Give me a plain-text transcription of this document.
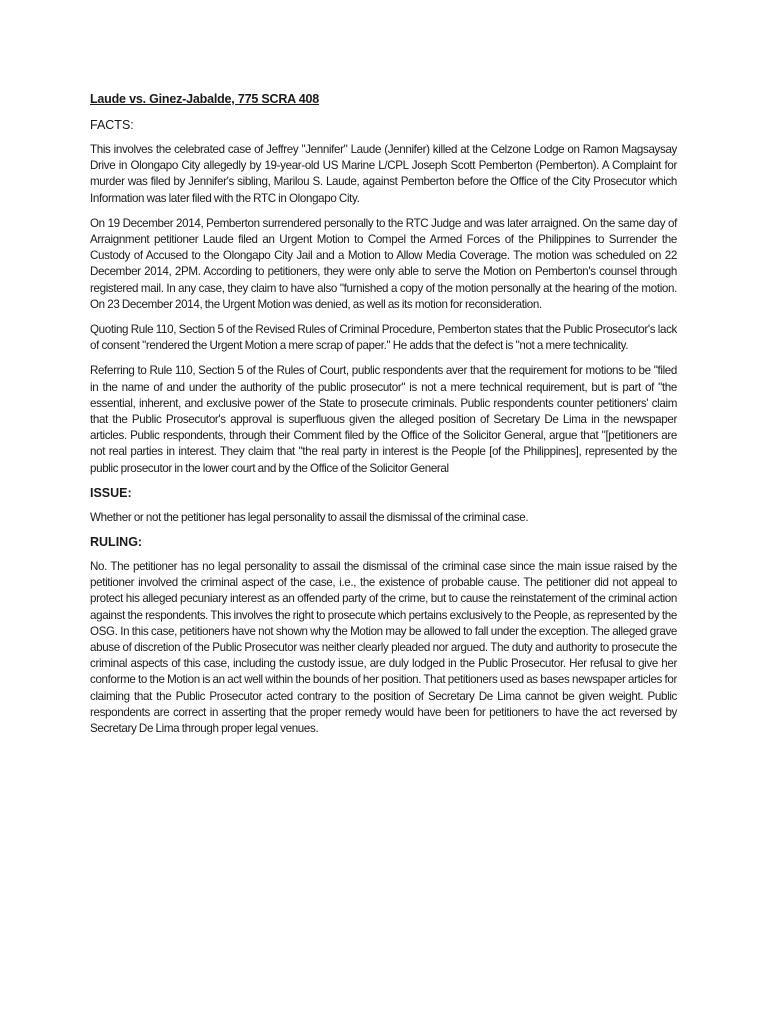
Laude vs. Ginez-Jabalde, 775 SCRA 408
FACTS:

This involves the celebrated case of Jeffrey "Jennifer" Laude (Jennifer) killed at the Celzone Lodge on Ramon Magsaysay Drive in Olongapo City allegedly by 19-year-old US Marine L/CPL Joseph Scott Pemberton (Pemberton). A Complaint for murder was filed by Jennifer's sibling, Marilou S. Laude, against Pemberton before the Office of the City Prosecutor which Information was later filed with the RTC in Olongapo City.

On 19 December 2014, Pemberton surrendered personally to the RTC Judge and was later arraigned. On the same day of Arraignment petitioner Laude filed an Urgent Motion to Compel the Armed Forces of the Philippines to Surrender the Custody of Accused to the Olongapo City Jail and a Motion to Allow Media Coverage. The motion was scheduled on 22 December 2014, 2PM. According to petitioners, they were only able to serve the Motion on Pemberton's counsel through registered mail. In any case, they claim to have also "furnished a copy of the motion personally at the hearing of the motion. On 23 December 2014, the Urgent Motion was denied, as well as its motion for reconsideration.

Quoting Rule 110, Section 5 of the Revised Rules of Criminal Procedure, Pemberton states that the Public Prosecutor's lack of consent "rendered the Urgent Motion a mere scrap of paper." He adds that the defect is "not a mere technicality.

Referring to Rule 110, Section 5 of the Rules of Court, public respondents aver that the requirement for motions to be "filed in the name of and under the authority of the public prosecutor" is not a mere technical requirement, but is part of "the essential, inherent, and exclusive power of the State to prosecute criminals. Public respondents counter petitioners' claim that the Public Prosecutor's approval is superfluous given the alleged position of Secretary De Lima in the newspaper articles. Public respondents, through their Comment filed by the Office of the Solicitor General, argue that "[petitioners are not real parties in interest. They claim that "the real party in interest is the People [of the Philippines], represented by the public prosecutor in the lower court and by the Office of the Solicitor General

ISSUE:

Whether or not the petitioner has legal personality to assail the dismissal of the criminal case.

RULING:

No. The petitioner has no legal personality to assail the dismissal of the criminal case since the main issue raised by the petitioner involved the criminal aspect of the case, i.e., the existence of probable cause. The petitioner did not appeal to protect his alleged pecuniary interest as an offended party of the crime, but to cause the reinstatement of the criminal action against the respondents. This involves the right to prosecute which pertains exclusively to the People, as represented by the OSG. In this case, petitioners have not shown why the Motion may be allowed to fall under the exception. The alleged grave abuse of discretion of the Public Prosecutor was neither clearly pleaded nor argued. The duty and authority to prosecute the criminal aspects of this case, including the custody issue, are duly lodged in the Public Prosecutor. Her refusal to give her conforme to the Motion is an act well within the bounds of her position. That petitioners used as bases newspaper articles for claiming that the Public Prosecutor acted contrary to the position of Secretary De Lima cannot be given weight. Public respondents are correct in asserting that the proper remedy would have been for petitioners to have the act reversed by Secretary De Lima through proper legal venues.
